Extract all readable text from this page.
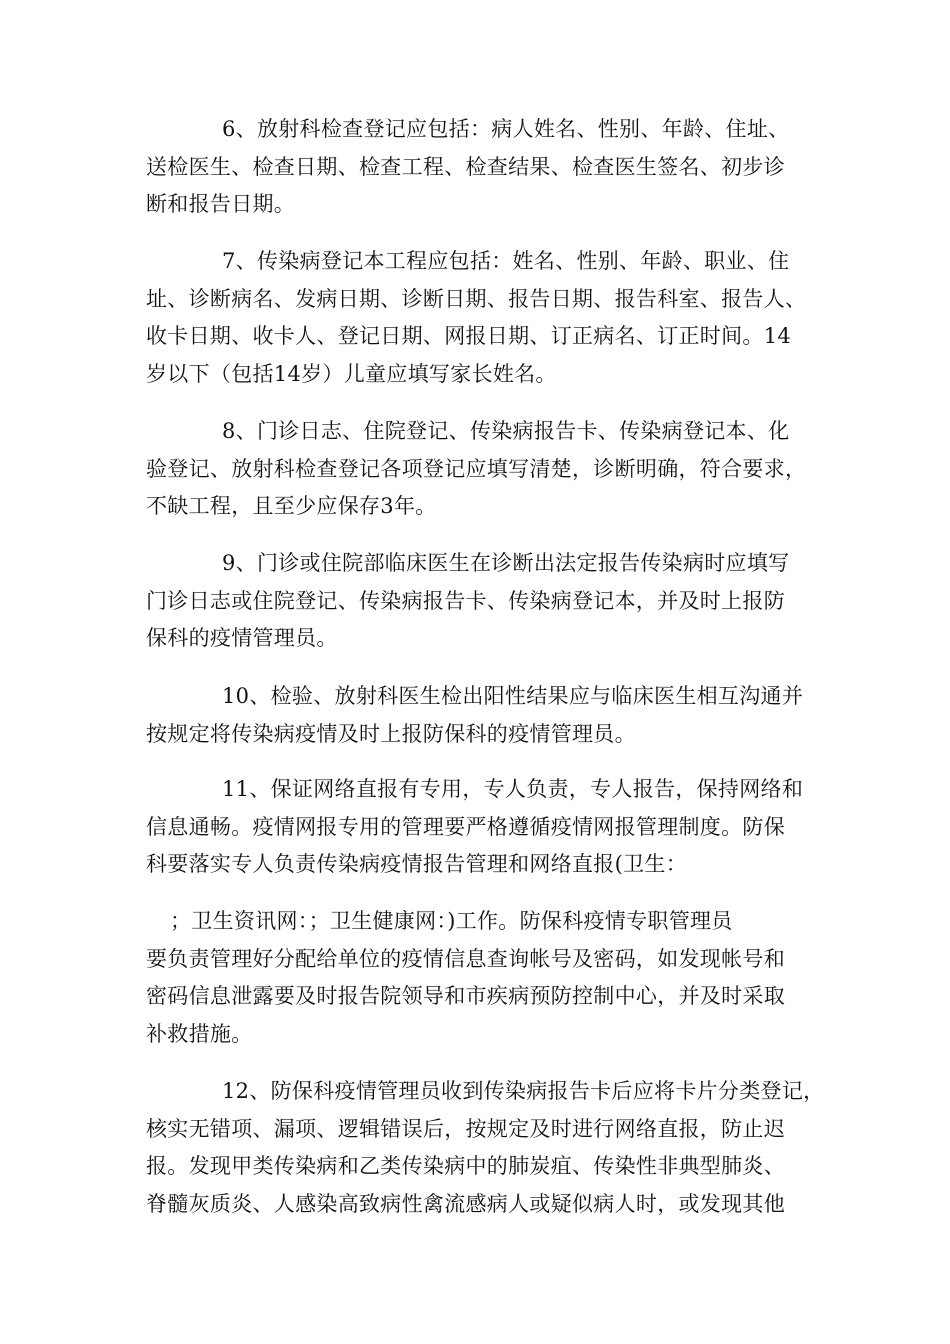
6、放射科检查登记应包括：病人姓名、性别、年龄、住址、
送检医生、检查日期、检查工程、检查结果、检查医生签名、初步诊
断和报告日期。

7、传染病登记本工程应包括：姓名、性别、年龄、职业、住
址、诊断病名、发病日期、诊断日期、报告日期、报告科室、报告人、
收卡日期、收卡人、登记日期、网报日期、订正病名、订正时间。14
岁以下（包括14岁）儿童应填写家长姓名。

8、门诊日志、住院登记、传染病报告卡、传染病登记本、化
验登记、放射科检查登记各项登记应填写清楚，诊断明确，符合要求，
不缺工程，且至少应保存3年。

9、门诊或住院部临床医生在诊断出法定报告传染病时应填写
门诊日志或住院登记、传染病报告卡、传染病登记本，并及时上报防
保科的疫情管理员。

10、检验、放射科医生检出阳性结果应与临床医生相互沟通并
按规定将传染病疫情及时上报防保科的疫情管理员。

11、保证网络直报有专用，专人负责，专人报告，保持网络和
信息通畅。疫情网报专用的管理要严格遵循疫情网报管理制度。防保
科要落实专人负责传染病疫情报告管理和网络直报(卫生：

；卫生资讯网：；卫生健康网：)工作。防保科疫情专职管理员
要负责管理好分配给单位的疫情信息查询帐号及密码，如发现帐号和
密码信息泄露要及时报告院领导和市疾病预防控制中心，并及时采取
补救措施。

12、防保科疫情管理员收到传染病报告卡后应将卡片分类登记，
核实无错项、漏项、逻辑错误后，按规定及时进行网络直报，防止迟
报。发现甲类传染病和乙类传染病中的肺炭疽、传染性非典型肺炎、
脊髓灰质炎、人感染高致病性禽流感病人或疑似病人时，或发现其他
